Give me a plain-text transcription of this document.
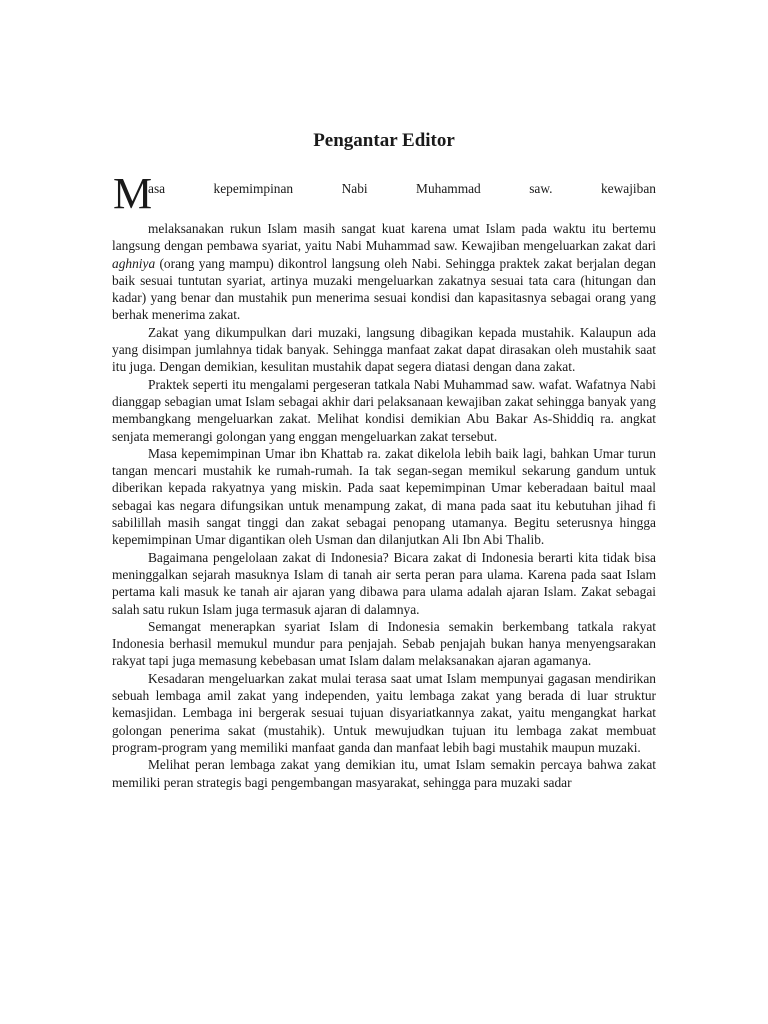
Pengantar Editor
M
asa	kepemimpinan	Nabi	Muhammad	saw.	kewajiban

melaksanakan rukun Islam masih sangat kuat karena umat Islam pada waktu itu bertemu langsung dengan pembawa syariat, yaitu Nabi Muhammad saw. Kewajiban mengeluarkan zakat dari aghniya (orang yang mampu) dikontrol langsung oleh Nabi. Sehingga praktek zakat berjalan degan baik sesuai tuntutan syariat, artinya muzaki mengeluarkan zakatnya sesuai tata cara (hitungan dan kadar) yang benar dan mustahik pun menerima sesuai kondisi dan kapasitasnya sebagai orang yang berhak menerima zakat.

Zakat yang dikumpulkan dari muzaki, langsung dibagikan kepada mustahik. Kalaupun ada yang disimpan jumlahnya tidak banyak. Sehingga manfaat zakat dapat dirasakan oleh mustahik saat itu juga. Dengan demikian, kesulitan mustahik dapat segera diatasi dengan dana zakat.

Praktek seperti itu mengalami pergeseran tatkala Nabi Muhammad saw. wafat. Wafatnya Nabi dianggap sebagian umat Islam sebagai akhir dari pelaksanaan kewajiban zakat sehingga banyak yang membangkang mengeluarkan zakat. Melihat kondisi demikian Abu Bakar As-Shiddiq ra. angkat senjata memerangi golongan yang enggan mengeluarkan zakat tersebut.

Masa kepemimpinan Umar ibn Khattab ra. zakat dikelola lebih baik lagi, bahkan Umar turun tangan mencari mustahik ke rumah-rumah. Ia tak segan-segan memikul sekarung gandum untuk diberikan kepada rakyatnya yang miskin. Pada saat kepemimpinan Umar keberadaan baitul maal sebagai kas negara difungsikan untuk menampung zakat, di mana pada saat itu kebutuhan jihad fi sabilillah masih sangat tinggi dan zakat sebagai penopang utamanya. Begitu seterusnya hingga kepemimpinan Umar digantikan oleh Usman dan dilanjutkan Ali Ibn Abi Thalib.

Bagaimana pengelolaan zakat di Indonesia? Bicara zakat di Indonesia berarti kita tidak bisa meninggalkan sejarah masuknya Islam di tanah air serta peran para ulama. Karena pada saat Islam pertama kali masuk ke tanah air ajaran yang dibawa para ulama adalah ajaran Islam. Zakat sebagai salah satu rukun Islam juga termasuk ajaran di dalamnya.

Semangat menerapkan syariat Islam di Indonesia semakin berkembang tatkala rakyat Indonesia berhasil memukul mundur para penjajah. Sebab penjajah bukan hanya menyengsarakan rakyat tapi juga memasung kebebasan umat Islam dalam melaksanakan ajaran agamanya.

Kesadaran mengeluarkan zakat mulai terasa saat umat Islam mempunyai gagasan mendirikan sebuah lembaga amil zakat yang independen, yaitu lembaga zakat yang berada di luar struktur kemasjidan. Lembaga ini bergerak sesuai tujuan disyariatkannya zakat, yaitu mengangkat harkat golongan penerima sakat (mustahik). Untuk mewujudkan tujuan itu lembaga zakat membuat program-program yang memiliki manfaat ganda dan manfaat lebih bagi mustahik maupun muzaki.

Melihat peran lembaga zakat yang demikian itu, umat Islam semakin percaya bahwa zakat memiliki peran strategis bagi pengembangan masyarakat, sehingga para muzaki sadar
